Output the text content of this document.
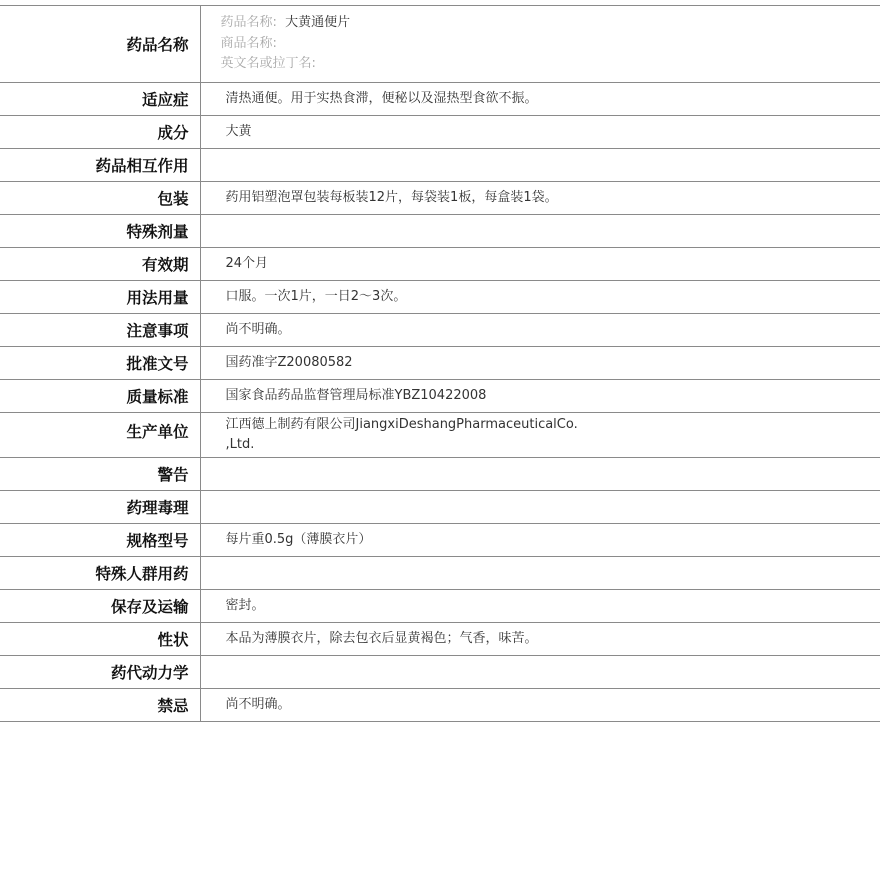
药品名称	药品名称: 大黄通便片
商品名称:
英文名或拉丁名:

适应症	清热通便。用于实热食滞，便秘以及湿热型食欲不振。
成分	大黄
药品相互作用	
包装	药用铝塑泡罩包装每板装12片，每袋装1板，每盒装1袋。
特殊剂量	
有效期	24个月
用法用量	口服。一次1片，一日2～3次。
注意事项	尚不明确。
批准文号	国药准字Z20080582
质量标准	国家食品药品监督管理局标准YBZ10422008
生产单位	江西德上制药有限公司JiangxiDeshangPharmaceuticalCo.
,Ltd.

警告	
药理毒理	
规格型号	每片重0.5g（薄膜衣片）
特殊人群用药	
保存及运输	密封。
性状	本品为薄膜衣片，除去包衣后显黄褐色；气香，味苦。
药代动力学	
禁忌	尚不明确。
